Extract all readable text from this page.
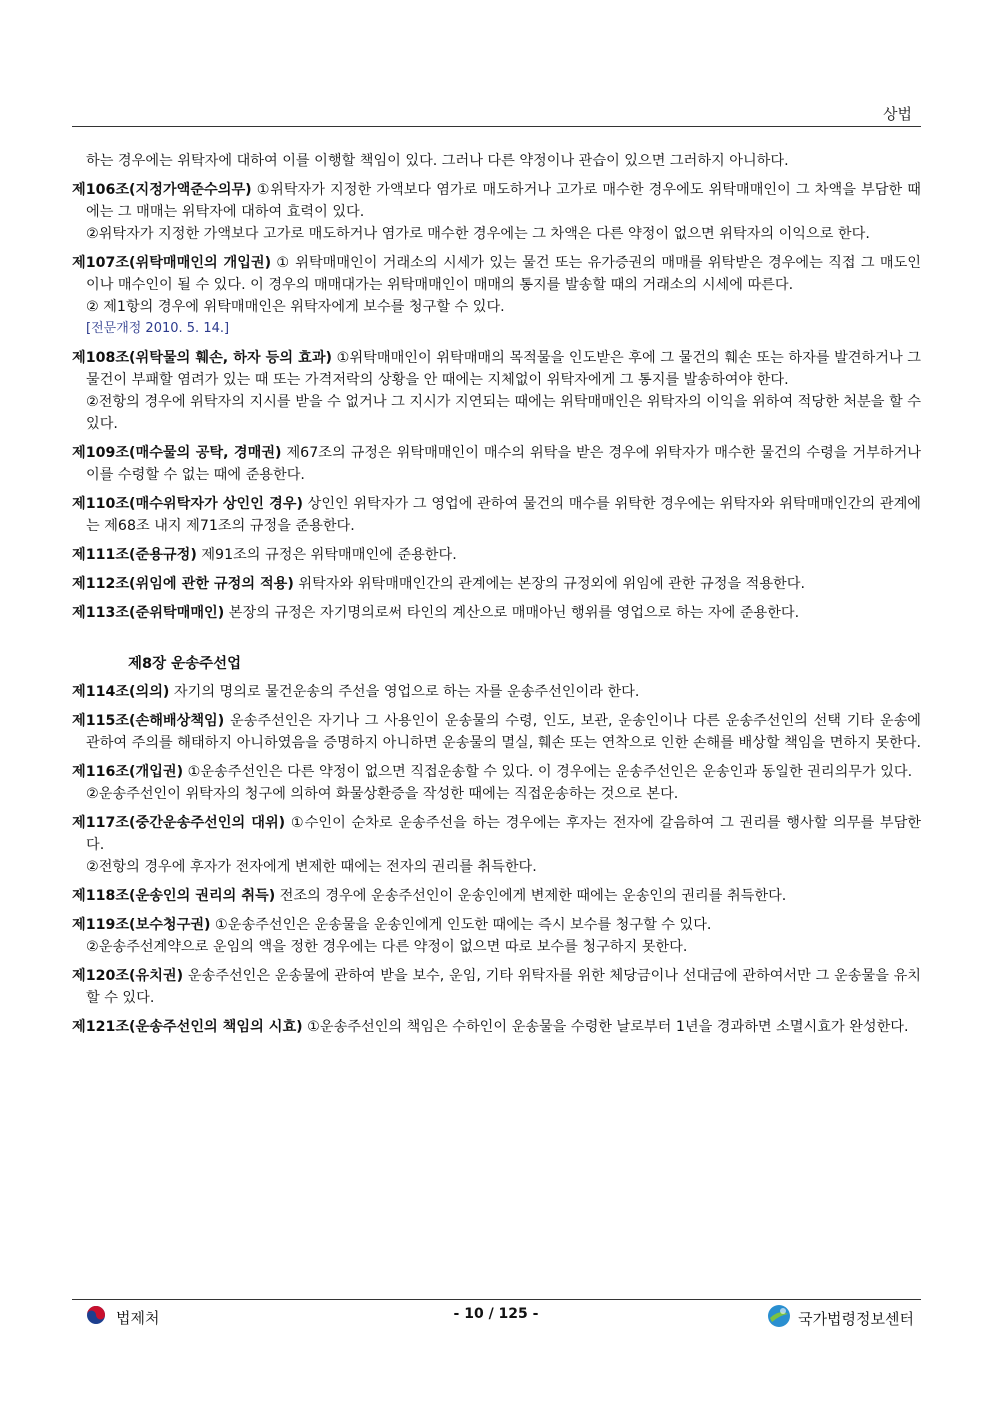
상법

하는 경우에는 위탁자에 대하여 이를 이행할 책임이 있다. 그러나 다른 약정이나 관습이 있으면 그러하지 아니하다.

제106조(지정가액준수의무) ①위탁자가 지정한 가액보다 염가로 매도하거나 고가로 매수한 경우에도 위탁매매인이 그 차액을 부담한 때에는 그 매매는 위탁자에 대하여 효력이 있다.

②위탁자가 지정한 가액보다 고가로 매도하거나 염가로 매수한 경우에는 그 차액은 다른 약정이 없으면 위탁자의 이익으로 한다.

제107조(위탁매매인의 개입권) ① 위탁매매인이 거래소의 시세가 있는 물건 또는 유가증권의 매매를 위탁받은 경우에는 직접 그 매도인이나 매수인이 될 수 있다. 이 경우의 매매대가는 위탁매매인이 매매의 통지를 발송할 때의 거래소의 시세에 따른다.

② 제1항의 경우에 위탁매매인은 위탁자에게 보수를 청구할 수 있다.

[전문개정 2010. 5. 14.]

제108조(위탁물의 훼손, 하자 등의 효과) ①위탁매매인이 위탁매매의 목적물을 인도받은 후에 그 물건의 훼손 또는 하자를 발견하거나 그 물건이 부패할 염려가 있는 때 또는 가격저락의 상황을 안 때에는 지체없이 위탁자에게 그 통지를 발송하여야 한다.

②전항의 경우에 위탁자의 지시를 받을 수 없거나 그 지시가 지연되는 때에는 위탁매매인은 위탁자의 이익을 위하여 적당한 처분을 할 수 있다.

제109조(매수물의 공탁, 경매권) 제67조의 규정은 위탁매매인이 매수의 위탁을 받은 경우에 위탁자가 매수한 물건의 수령을 거부하거나 이를 수령할 수 없는 때에 준용한다.

제110조(매수위탁자가 상인인 경우) 상인인 위탁자가 그 영업에 관하여 물건의 매수를 위탁한 경우에는 위탁자와 위탁매매인간의 관계에는 제68조 내지 제71조의 규정을 준용한다.

제111조(준용규정) 제91조의 규정은 위탁매매인에 준용한다.

제112조(위임에 관한 규정의 적용) 위탁자와 위탁매매인간의 관계에는 본장의 규정외에 위임에 관한 규정을 적용한다.

제113조(준위탁매매인) 본장의 규정은 자기명의로써 타인의 계산으로 매매아닌 행위를 영업으로 하는 자에 준용한다.

제8장 운송주선업

제114조(의의) 자기의 명의로 물건운송의 주선을 영업으로 하는 자를 운송주선인이라 한다.

제115조(손해배상책임) 운송주선인은 자기나 그 사용인이 운송물의 수령, 인도, 보관, 운송인이나 다른 운송주선인의 선택 기타 운송에 관하여 주의를 해태하지 아니하였음을 증명하지 아니하면 운송물의 멸실, 훼손 또는 연착으로 인한 손해를 배상할 책임을 면하지 못한다.

제116조(개입권) ①운송주선인은 다른 약정이 없으면 직접운송할 수 있다. 이 경우에는 운송주선인은 운송인과 동일한 권리의무가 있다.

②운송주선인이 위탁자의 청구에 의하여 화물상환증을 작성한 때에는 직접운송하는 것으로 본다.

제117조(중간운송주선인의 대위) ①수인이 순차로 운송주선을 하는 경우에는 후자는 전자에 갈음하여 그 권리를 행사할 의무를 부담한다.

②전항의 경우에 후자가 전자에게 변제한 때에는 전자의 권리를 취득한다.

제118조(운송인의 권리의 취득) 전조의 경우에 운송주선인이 운송인에게 변제한 때에는 운송인의 권리를 취득한다.

제119조(보수청구권) ①운송주선인은 운송물을 운송인에게 인도한 때에는 즉시 보수를 청구할 수 있다.

②운송주선계약으로 운임의 액을 정한 경우에는 다른 약정이 없으면 따로 보수를 청구하지 못한다.

제120조(유치권) 운송주선인은 운송물에 관하여 받을 보수, 운임, 기타 위탁자를 위한 체당금이나 선대금에 관하여서만 그 운송물을 유치할 수 있다.

제121조(운송주선인의 책임의 시효) ①운송주선인의 책임은 수하인이 운송물을 수령한 날로부터 1년을 경과하면 소멸시효가 완성한다.

법제처	- 10 / 125 -	국가법령정보센터
